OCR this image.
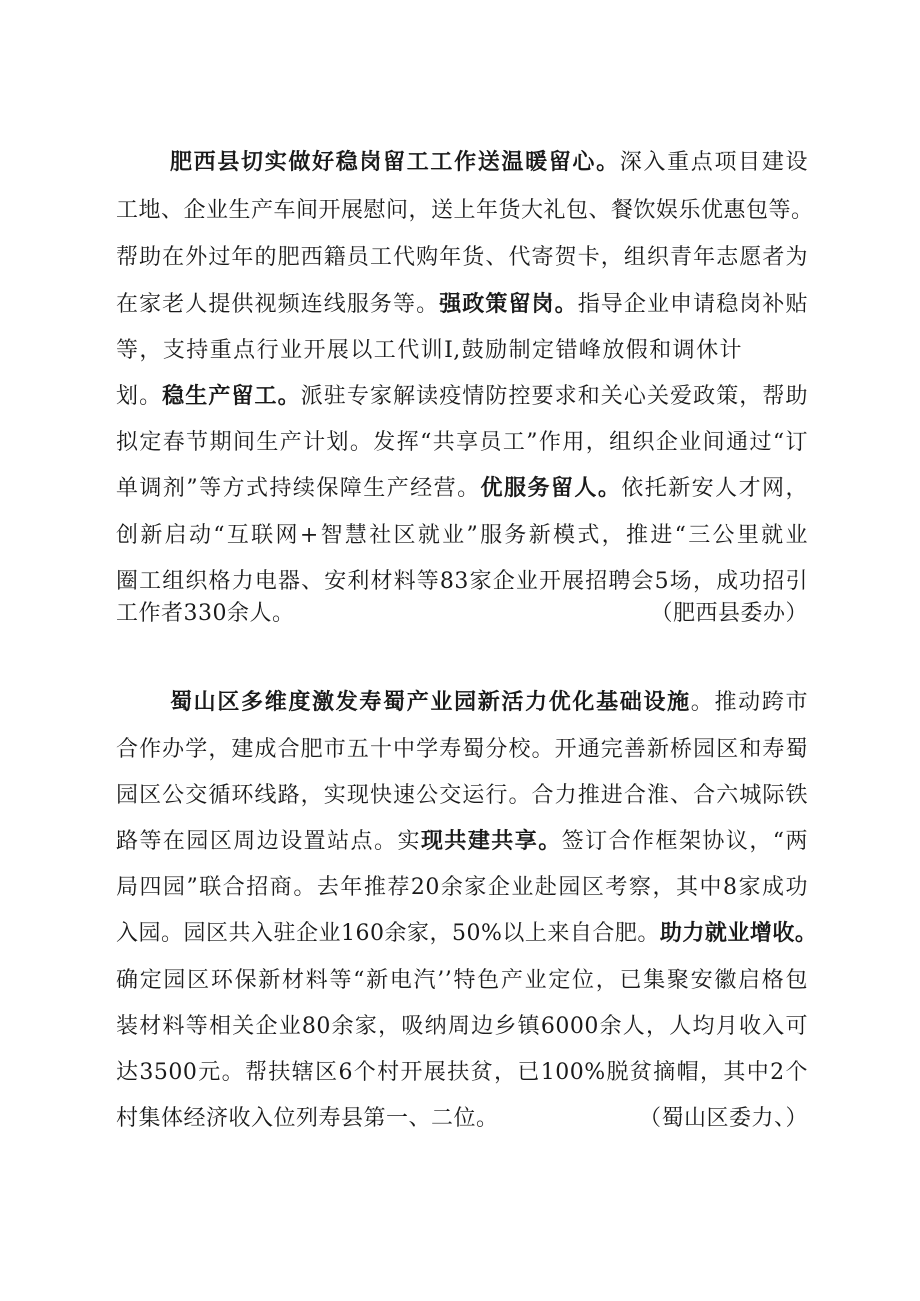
肥西县切实做好稳岗留工工作送温暖留心。深入重点项目建设
工地、企业生产车间开展慰问，送上年货大礼包、餐饮娱乐优惠包等。
帮助在外过年的肥西籍员工代购年货、代寄贺卡，组织青年志愿者为
在家老人提供视频连线服务等。强政策留岗。指导企业申请稳岗补贴
等，支持重点行业开展以工代训I,鼓励制定错峰放假和调休计
划。稳生产留工。派驻专家解读疫情防控要求和关心关爱政策，帮助
拟定春节期间生产计划。发挥“共享员工”作用，组织企业间通过“订
单调剂”等方式持续保障生产经营。优服务留人。依托新安人才网，
创新启动“互联网+智慧社区就业”服务新模式，推进“三公里就业
圈工组织格力电器、安利材料等83家企业开展招聘会5场，成功招引
工作者330余人。	（肥西县委办）
蜀山区多维度激发寿蜀产业园新活力优化基础设施。推动跨市
合作办学，建成合肥市五十中学寿蜀分校。开通完善新桥园区和寿蜀
园区公交循环线路，实现快速公交运行。合力推进合淮、合六城际铁
路等在园区周边设置站点。实现共建共享。签订合作框架协议，“两
局四园”联合招商。去年推荐20余家企业赴园区考察，其中8家成功
入园。园区共入驻企业160余家，50%以上来自合肥。助力就业增收。
确定园区环保新材料等“新电汽’’特色产业定位，已集聚安徽启格包
装材料等相关企业80余家，吸纳周边乡镇6000余人，人均月收入可
达3500元。帮扶辖区6个村开展扶贫，已100%脱贫摘帽，其中2个
村集体经济收入位列寿县第一、二位。	（蜀山区委力、）
